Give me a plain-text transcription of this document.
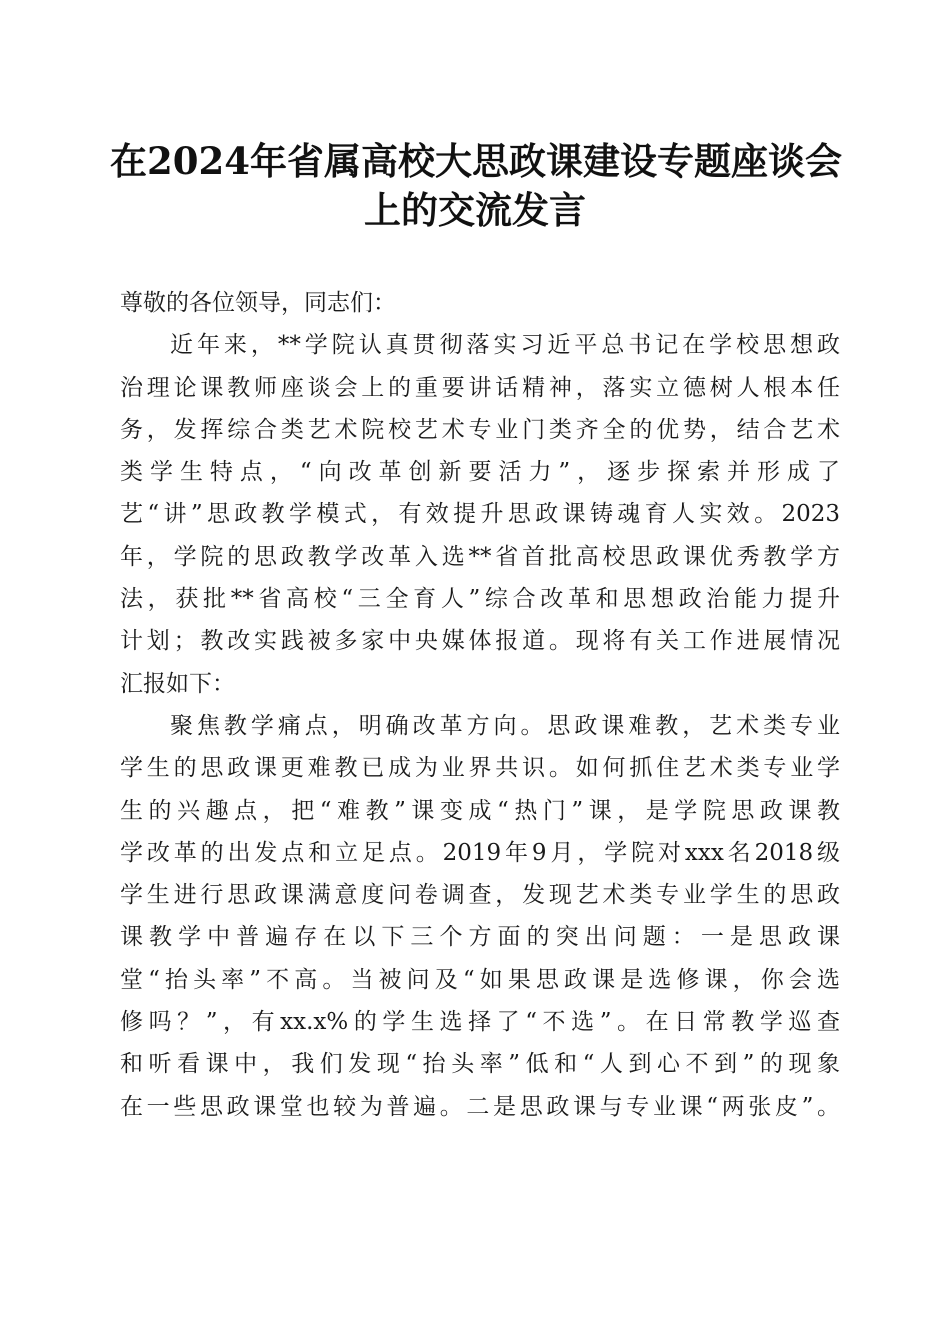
在2024年省属高校大思政课建设专题座谈会
上的交流发言
尊敬的各位领导，同志们：
近年来，**学院认真贯彻落实习近平总书记在学校思想政
治理论课教师座谈会上的重要讲话精神，落实立德树人根本任
务，发挥综合类艺术院校艺术专业门类齐全的优势，结合艺术
类学生特点，“向改革创新要活力”，逐步探索并形成了
艺“讲”思政教学模式，有效提升思政课铸魂育人实效。2023
年，学院的思政教学改革入选**省首批高校思政课优秀教学方
法，获批**省高校“三全育人”综合改革和思想政治能力提升
计划；教改实践被多家中央媒体报道。现将有关工作进展情况
汇报如下：
聚焦教学痛点，明确改革方向。思政课难教，艺术类专业
学生的思政课更难教已成为业界共识。如何抓住艺术类专业学
生的兴趣点，把“难教”课变成“热门”课，是学院思政课教
学改革的出发点和立足点。2019年9月，学院对xxx名2018级
学生进行思政课满意度问卷调查，发现艺术类专业学生的思政
课教学中普遍存在以下三个方面的突出问题：一是思政课
堂“抬头率”不高。当被问及“如果思政课是选修课，你会选
修吗？”，有xx.x%的学生选择了“不选”。在日常教学巡查
和听看课中，我们发现“抬头率”低和“人到心不到”的现象
在一些思政课堂也较为普遍。二是思政课与专业课“两张皮”。
